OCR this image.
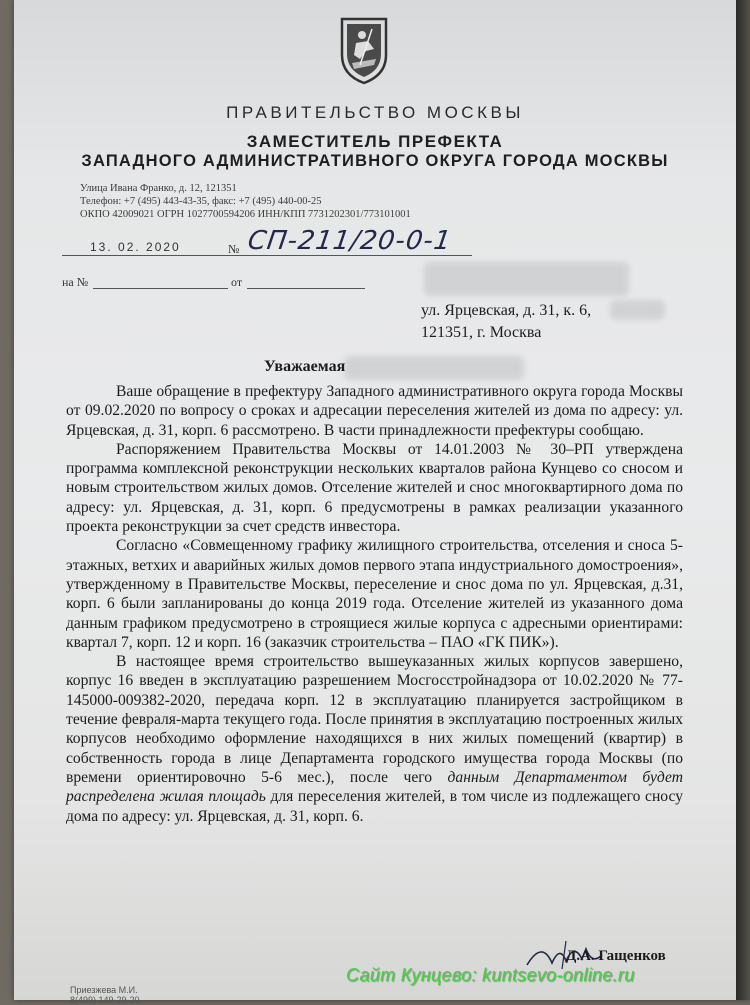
ПРАВИТЕЛЬСТВО МОСКВЫ
ЗАМЕСТИТЕЛЬ ПРЕФЕКТА
ЗАПАДНОГО АДМИНИСТРАТИВНОГО ОКРУГА ГОРОДА МОСКВЫ
Улица Ивана Франко, д. 12, 121351
Телефон: +7 (495) 443-43-35, факс: +7 (495) 440-00-25
ОКПО 42009021 ОГРН 1027700594206 ИНН/КПП 7731202301/773101001
13. 02. 2020	№ СП-211/20-0-1
на №	от
ул. Ярцевская, д. 31, к. 6,
121351, г. Москва
Уважаемая

Ваше обращение в префектуру Западного административного округа города Москвы от 09.02.2020 по вопросу о сроках и адресации переселения жителей из дома по адресу: ул. Ярцевская, д. 31, корп. 6 рассмотрено. В части принадлежности префектуры сообщаю.

Распоряжением Правительства Москвы от 14.01.2003 № 30–РП утверждена программа комплексной реконструкции нескольких кварталов района Кунцево со сносом и новым строительством жилых домов. Отселение жителей и снос многоквартирного дома по адресу: ул. Ярцевская, д. 31, корп. 6 предусмотрены в рамках реализации указанного проекта реконструкции за счет средств инвестора.

Согласно «Совмещенному графику жилищного строительства, отселения и сноса 5-этажных, ветхих и аварийных жилых домов первого этапа индустриального домостроения», утвержденному в Правительстве Москвы, переселение и снос дома по ул. Ярцевская, д.31, корп. 6 были запланированы до конца 2019 года. Отселение жителей из указанного дома данным графиком предусмотрено в строящиеся жилые корпуса с адресными ориентирами: квартал 7, корп. 12 и корп. 16 (заказчик строительства – ПАО «ГК ПИК»).

В настоящее время строительство вышеуказанных жилых корпусов завершено, корпус 16 введен в эксплуатацию разрешением Мосгосстройнадзора от 10.02.2020 № 77-145000-009382-2020, передача корп. 12 в эксплуатацию планируется застройщиком в течение февраля-марта текущего года. После принятия в эксплуатацию построенных жилых корпусов необходимо оформление находящихся в них жилых помещений (квартир) в собственность города в лице Департамента городского имущества города Москвы (по времени ориентировочно 5-6 мес.), после чего данным Департаментом будет распределена жилая площадь для переселения жителей, в том числе из подлежащего сносу дома по адресу: ул. Ярцевская, д. 31, корп. 6.

Д.А. Гащенков
Приезжева М.И.
8(499) 149-29-20
Сайт Кунцево: kuntsevo-online.ru
